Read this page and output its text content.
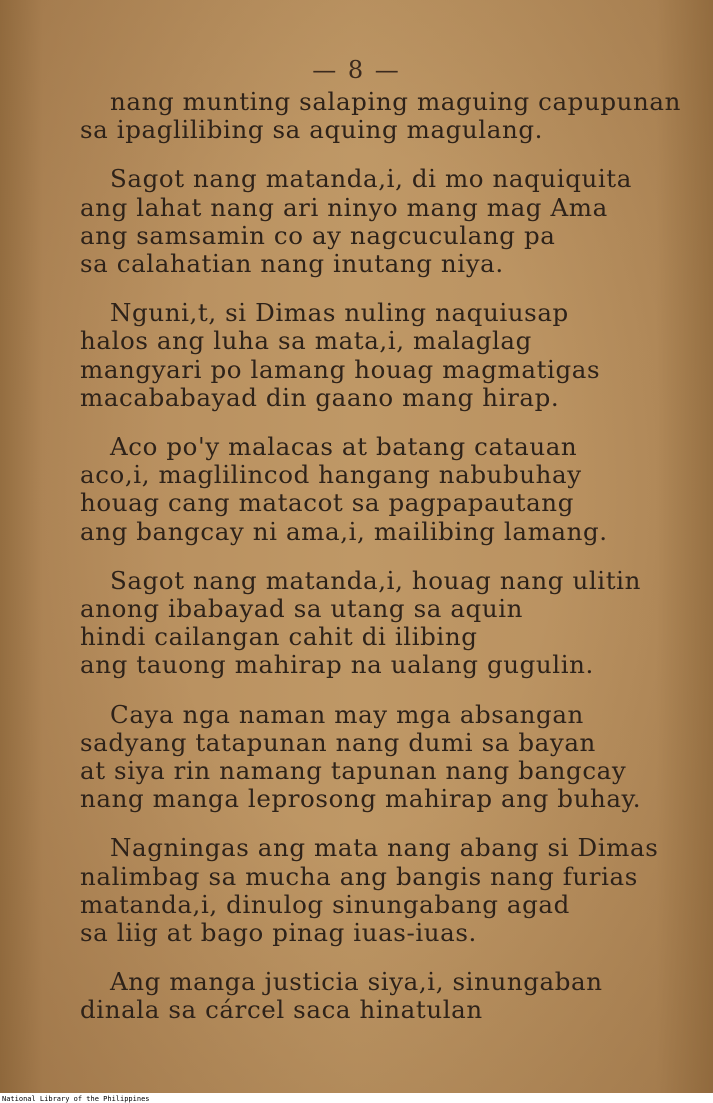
— 8 —
nang munting salaping maguing capupunan
sa ipaglilibing sa aquing magulang.
Sagot nang matanda,i, di mo naquiquita
ang lahat nang ari ninyo mang mag Ama
ang samsamin co ay nagcuculang pa
sa calahatian nang inutang niya.
Nguni,t, si Dimas nuling naquiusap
halos ang luha sa mata,i, malaglag
mangyari po lamang houag magmatigas
macababayad din gaano mang hirap.
Aco po'y malacas at batang catauan
aco,i, maglilincod hangang nabubuhay
houag cang matacot sa pagpapautang
ang bangcay ni ama,i, mailibing lamang.
Sagot nang matanda,i, houag nang ulitin
anong ibabayad sa utang sa aquin
hindi cailangan cahit di ilibing
ang tauong mahirap na ualang gugulin.
Caya nga naman may mga absangan
sadyang tatapunan nang dumi sa bayan
at siya rin namang tapunan nang bangcay
nang manga leprosong mahirap ang buhay.
Nagningas ang mata nang abang si Dimas
nalimbag sa mucha ang bangis nang furias
matanda,i, dinulog sinungabang agad
sa liig at bago pinag iuas-iuas.
Ang manga justicia siya,i, sinungaban
dinala sa cárcel saca hinatulan
National Library of the Philippines
